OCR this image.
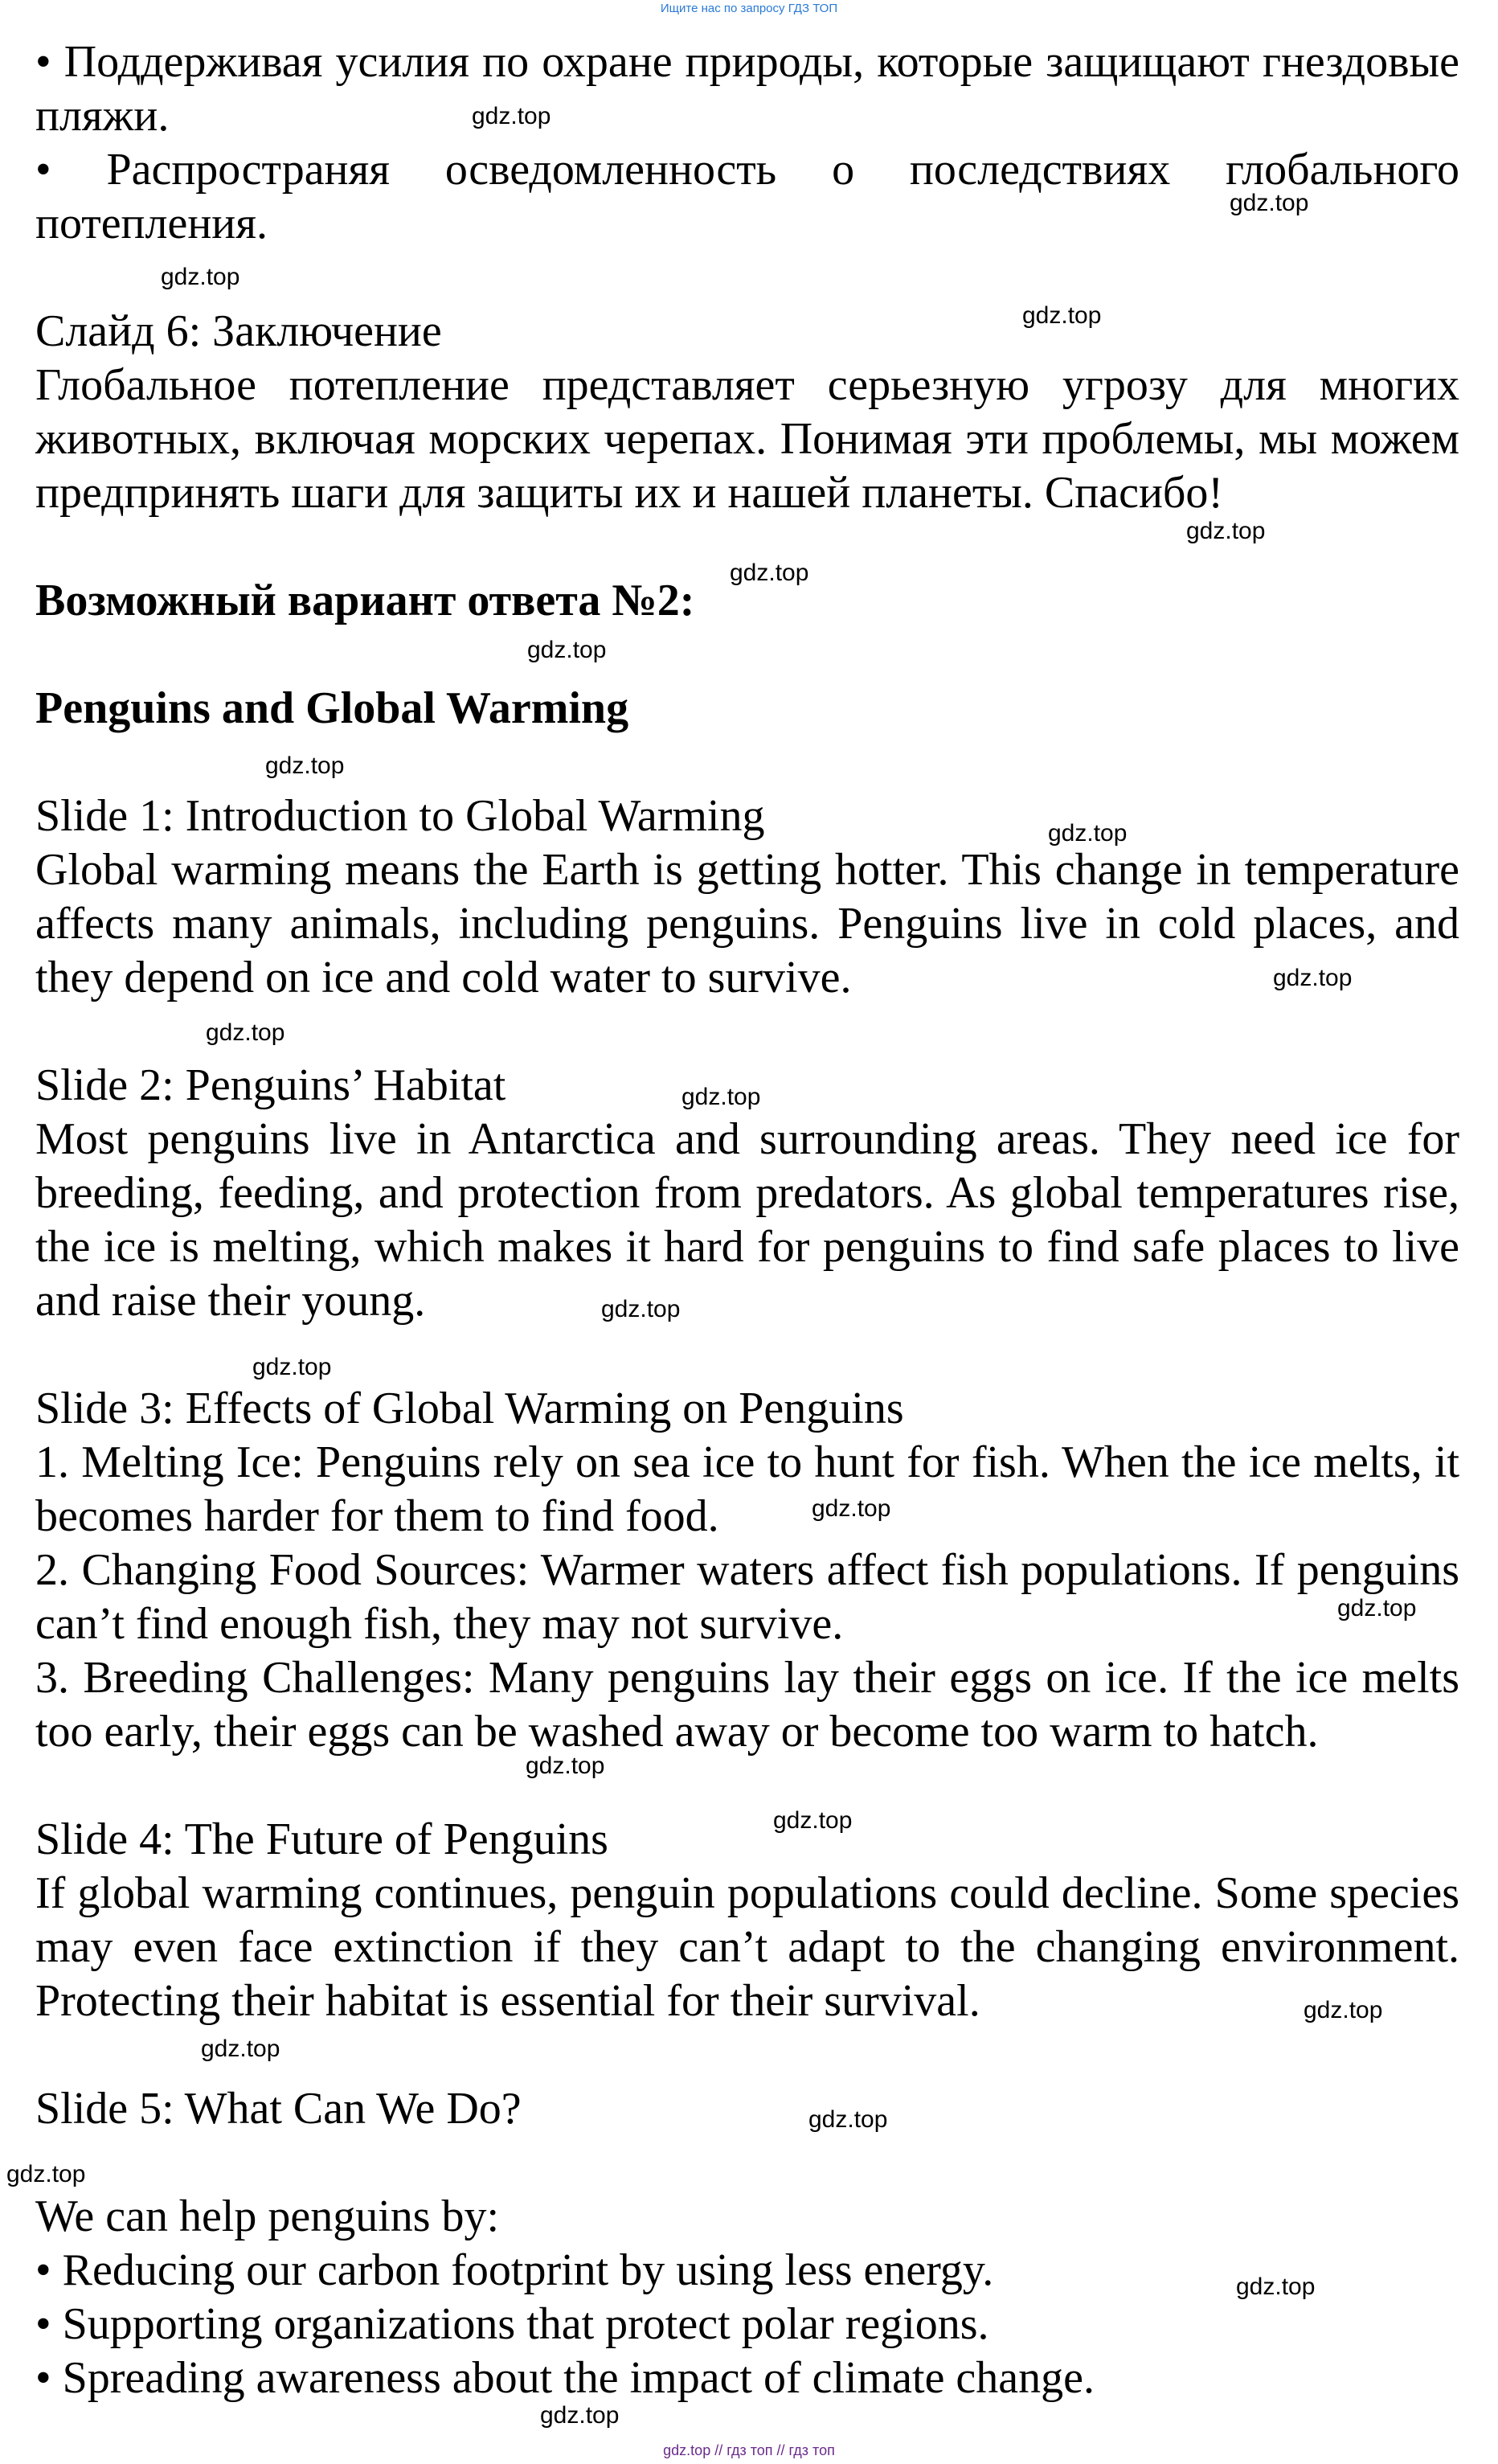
Ищите нас по запросу ГДЗ ТОП

• Поддерживая усилия по охране природы, которые защищают гнездовые пляжи.

• Распространяя осведомленность о последствиях глобального потепления.

Слайд 6: Заключение

Глобальное потепление представляет серьезную угрозу для многих животных, включая морских черепах. Понимая эти проблемы, мы можем предпринять шаги для защиты их и нашей планеты. Спасибо!

Возможный вариант ответа №2:

Penguins and Global Warming

Slide 1: Introduction to Global Warming

Global warming means the Earth is getting hotter. This change in temperature affects many animals, including penguins. Penguins live in cold places, and they depend on ice and cold water to survive.

Slide 2: Penguins’ Habitat

Most penguins live in Antarctica and surrounding areas. They need ice for breeding, feeding, and protection from predators. As global temperatures rise, the ice is melting, which makes it hard for penguins to find safe places to live and raise their young.

Slide 3: Effects of Global Warming on Penguins

1. Melting Ice: Penguins rely on sea ice to hunt for fish. When the ice melts, it becomes harder for them to find food.

2. Changing Food Sources: Warmer waters affect fish populations. If penguins can’t find enough fish, they may not survive.

3. Breeding Challenges: Many penguins lay their eggs on ice. If the ice melts too early, their eggs can be washed away or become too warm to hatch.

Slide 4: The Future of Penguins

If global warming continues, penguin populations could decline. Some species may even face extinction if they can’t adapt to the changing environment. Protecting their habitat is essential for their survival.

Slide 5: What Can We Do?

We can help penguins by:

• Reducing our carbon footprint by using less energy.

• Supporting organizations that protect polar regions.

• Spreading awareness about the impact of climate change.

gdz.top
gdz.top
gdz.top
gdz.top
gdz.top
gdz.top
gdz.top
gdz.top
gdz.top
gdz.top
gdz.top
gdz.top
gdz.top
gdz.top
gdz.top
gdz.top
gdz.top
gdz.top
gdz.top
gdz.top
gdz.top
gdz.top
gdz.top
gdz.top
gdz.top // гдз топ // гдз топ
